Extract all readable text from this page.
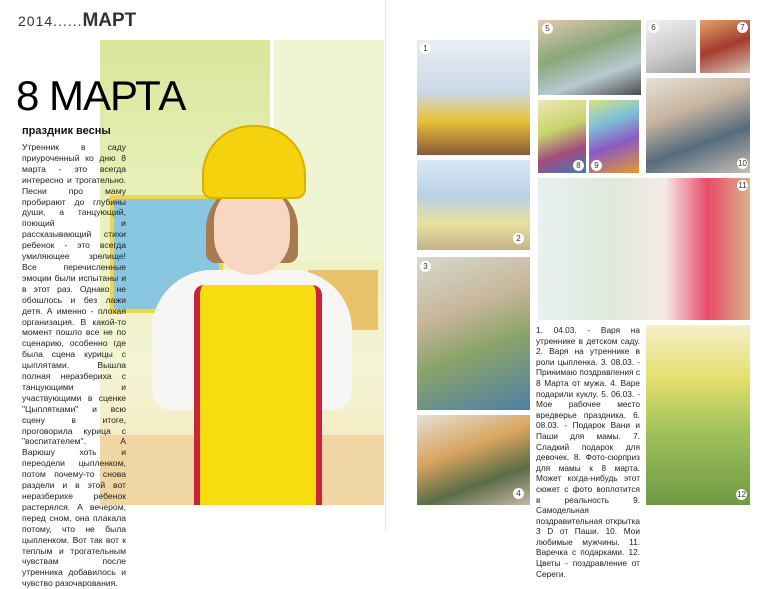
2014......МАРТ
8 МАРТА
праздник весны
Утренник в саду приуроченный ко дню 8 марта - это всегда интересно и трогательно. Песни про маму пробирают до глубины души, а танцующий, поющий и рассказывающий стихи ребенок - это всегда умиляющее зрелище! Все перечисленные эмоции были испытаны и в этот раз. Однако не обошлось и без лажи детя. А именно - плохая организация. В какой-то момент пошло все не по сценарию, особенно где была сцена курицы с цыплятами. Вышла полная неразбериха с танцующими и участвующими в сценке "Цыплятками" и всю сцену в итоге, проговорила курица с "воспитателем". А Варюшу хоть и переодели цыпленком, потом почему-то снова раздели и в этой вот неразберихе ребенок растерялся. А вечером, перед сном, она плакала потому, что не была цыпленком. Вот так вот к теплым и трогательным чувствам после утренника добавилось и чувство разочарования.
1
2
3
4
5	6	7
8	9	10
11
12
1. 04.03. - Варя на утреннике в детском саду. 2. Варя на утреннике в роли цыпленка. 3. 08.03. - Принимаю поздравления с 8 Марта от мужа. 4. Варе подарили куклу. 5. 06.03. - Мое рабочее место вредверье праздника. 6. 08.03. - Подарок Вани и Паши для мамы. 7. Сладкий подарок для девочек. 8. Фото-сюрприз для мамы к 8 марта. Может когда-нибудь этот сюжет с фото воплотится в реальность 9. Самодельная поздравительная открытка 3 D от Паши. 10. Мои любимые мужчины. 11. Варечка с подарками. 12. Цветы - поздравление от Сереги.
